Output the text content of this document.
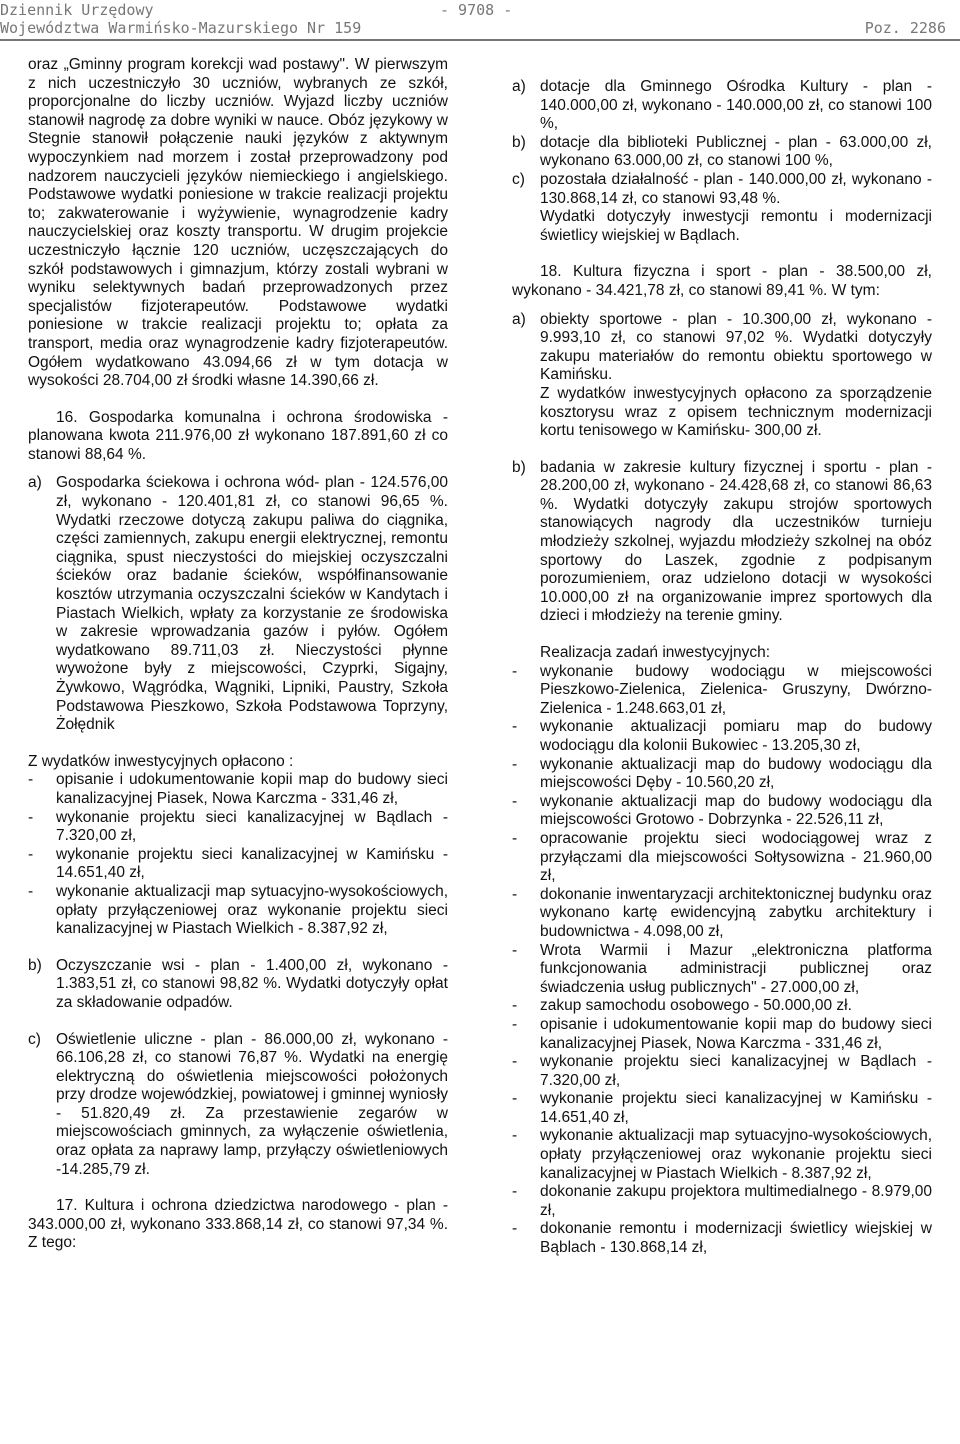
Dziennik Urzędowy	- 9708 -
Województwa Warmińsko-Mazurskiego Nr 159	Poz. 2286

oraz „Gminny program korekcji wad postawy". W pierwszym z nich uczestniczyło 30 uczniów, wybranych ze szkół, proporcjonalne do liczby uczniów. Wyjazd liczby uczniów stanowił nagrodę za dobre wyniki w nauce. Obóz językowy w Stegnie stanowił połączenie nauki języków z aktywnym wypoczynkiem nad morzem i został przeprowadzony pod nadzorem nauczycieli języków niemieckiego i angielskiego. Podstawowe wydatki poniesione w trakcie realizacji projektu to; zakwaterowanie i wyżywienie, wynagrodzenie kadry nauczycielskiej oraz koszty transportu. W drugim projekcie uczestniczyło łącznie 120 uczniów, uczęszczających do szkół podstawowych i gimnazjum, którzy zostali wybrani w wyniku selektywnych badań przeprowadzonych przez specjalistów fizjoterapeutów. Podstawowe wydatki poniesione w trakcie realizacji projektu to; opłata za transport, media oraz wynagrodzenie kadry fizjoterapeutów. Ogółem wydatkowano 43.094,66 zł w tym dotacja w wysokości 28.704,00 zł środki własne 14.390,66 zł.

16. Gospodarka komunalna i ochrona środowiska - planowana kwota 211.976,00 zł wykonano 187.891,60 zł co stanowi 88,64 %.

a) Gospodarka ściekowa i ochrona wód- plan - 124.576,00 zł, wykonano - 120.401,81 zł, co stanowi 96,65 %. Wydatki rzeczowe dotyczą zakupu paliwa do ciągnika, części zamiennych, zakupu energii elektrycznej, remontu ciągnika, spust nieczystości do miejskiej oczyszczalni ścieków oraz badanie ścieków, współfinansowanie kosztów utrzymania oczyszczalni ścieków w Kandytach i Piastach Wielkich, wpłaty za korzystanie ze środowiska w zakresie wprowadzania gazów i pyłów. Ogółem wydatkowano 89.711,03 zł. Nieczystości płynne wywożone były z miejscowości, Czyprki, Sigajny, Żywkowo, Wągródka, Wągniki, Lipniki, Paustry, Szkoła Podstawowa Pieszkowo, Szkoła Podstawowa Toprzyny, Żołędnik

Z wydatków inwestycyjnych opłacono :

- opisanie i udokumentowanie kopii map do budowy sieci kanalizacyjnej Piasek, Nowa Karczma - 331,46 zł,
- wykonanie projektu sieci kanalizacyjnej w Bądlach - 7.320,00 zł,
- wykonanie projektu sieci kanalizacyjnej w Kamińsku - 14.651,40 zł,
- wykonanie aktualizacji map sytuacyjno-wysokościowych, opłaty przyłączeniowej oraz wykonanie projektu sieci kanalizacyjnej w Piastach Wielkich - 8.387,92 zł,
b) Oczyszczanie wsi - plan - 1.400,00 zł, wykonano - 1.383,51 zł, co stanowi 98,82 %. Wydatki dotyczyły opłat za składowanie odpadów.
c) Oświetlenie uliczne - plan - 86.000,00 zł, wykonano - 66.106,28 zł, co stanowi 76,87 %. Wydatki na energię elektryczną do oświetlenia miejscowości położonych przy drodze wojewódzkiej, powiatowej i gminnej wyniosły - 51.820,49 zł. Za przestawienie zegarów w miejscowościach gminnych, za wyłączenie oświetlenia, oraz opłata za naprawy lamp, przyłączy oświetleniowych -14.285,79 zł.

17. Kultura i ochrona dziedzictwa narodowego - plan - 343.000,00 zł, wykonano 333.868,14 zł, co stanowi 97,34 %. Z tego:

a) dotacje dla Gminnego Ośrodka Kultury - plan - 140.000,00 zł, wykonano - 140.000,00 zł, co stanowi 100 %,
b) dotacje dla biblioteki Publicznej - plan - 63.000,00 zł, wykonano 63.000,00 zł, co stanowi 100 %,
c) pozostała działalność - plan - 140.000,00 zł, wykonano - 130.868,14 zł, co stanowi 93,48 %.

Wydatki dotyczyły inwestycji remontu i modernizacji świetlicy wiejskiej w Bądlach.

18. Kultura fizyczna i sport - plan - 38.500,00 zł, wykonano - 34.421,78 zł, co stanowi 89,41 %. W tym:

a) obiekty sportowe - plan - 10.300,00 zł, wykonano - 9.993,10 zł, co stanowi 97,02 %. Wydatki dotyczyły zakupu materiałów do remontu obiektu sportowego w Kamińsku.

Z wydatków inwestycyjnych opłacono za sporządzenie kosztorysu wraz z opisem technicznym modernizacji kortu tenisowego w Kamińsku- 300,00 zł.

b) badania w zakresie kultury fizycznej i sportu - plan - 28.200,00 zł, wykonano - 24.428,68 zł, co stanowi 86,63 %. Wydatki dotyczyły zakupu strojów sportowych stanowiących nagrody dla uczestników turnieju młodzieży szkolnej, wyjazdu młodzieży szkolnej na obóz sportowy do Laszek, zgodnie z podpisanym porozumieniem, oraz udzielono dotacji w wysokości 10.000,00 zł na organizowanie imprez sportowych dla dzieci i młodzieży na terenie gminy.

Realizacja zadań inwestycyjnych:

- wykonanie budowy wodociągu w miejscowości Pieszkowo-Zielenica, Zielenica- Gruszyny, Dwórzno-Zielenica - 1.248.663,01 zł,
- wykonanie aktualizacji pomiaru map do budowy wodociągu dla kolonii Bukowiec - 13.205,30 zł,
- wykonanie aktualizacji map do budowy wodociągu dla miejscowości Dęby - 10.560,20 zł,
- wykonanie aktualizacji map do budowy wodociągu dla miejscowości Grotowo - Dobrzynka - 22.526,11 zł,
- opracowanie projektu sieci wodociągowej wraz z przyłączami dla miejscowości Sołtysowizna - 21.960,00 zł,
- dokonanie inwentaryzacji architektonicznej budynku oraz wykonano kartę ewidencyjną zabytku architektury i budownictwa - 4.098,00 zł,
- Wrota Warmii i Mazur „elektroniczna platforma funkcjonowania administracji publicznej oraz świadczenia usług publicznych" - 27.000,00 zł,
- zakup samochodu osobowego - 50.000,00 zł.
- opisanie i udokumentowanie kopii map do budowy sieci kanalizacyjnej Piasek, Nowa Karczma - 331,46 zł,
- wykonanie projektu sieci kanalizacyjnej w Bądlach - 7.320,00 zł,
- wykonanie projektu sieci kanalizacyjnej w Kamińsku - 14.651,40 zł,
- wykonanie aktualizacji map sytuacyjno-wysokościowych, opłaty przyłączeniowej oraz wykonanie projektu sieci kanalizacyjnej w Piastach Wielkich - 8.387,92 zł,
- dokonanie zakupu projektora multimedialnego - 8.979,00 zł,
- dokonanie remontu i modernizacji świetlicy wiejskiej w Bąblach - 130.868,14 zł,
